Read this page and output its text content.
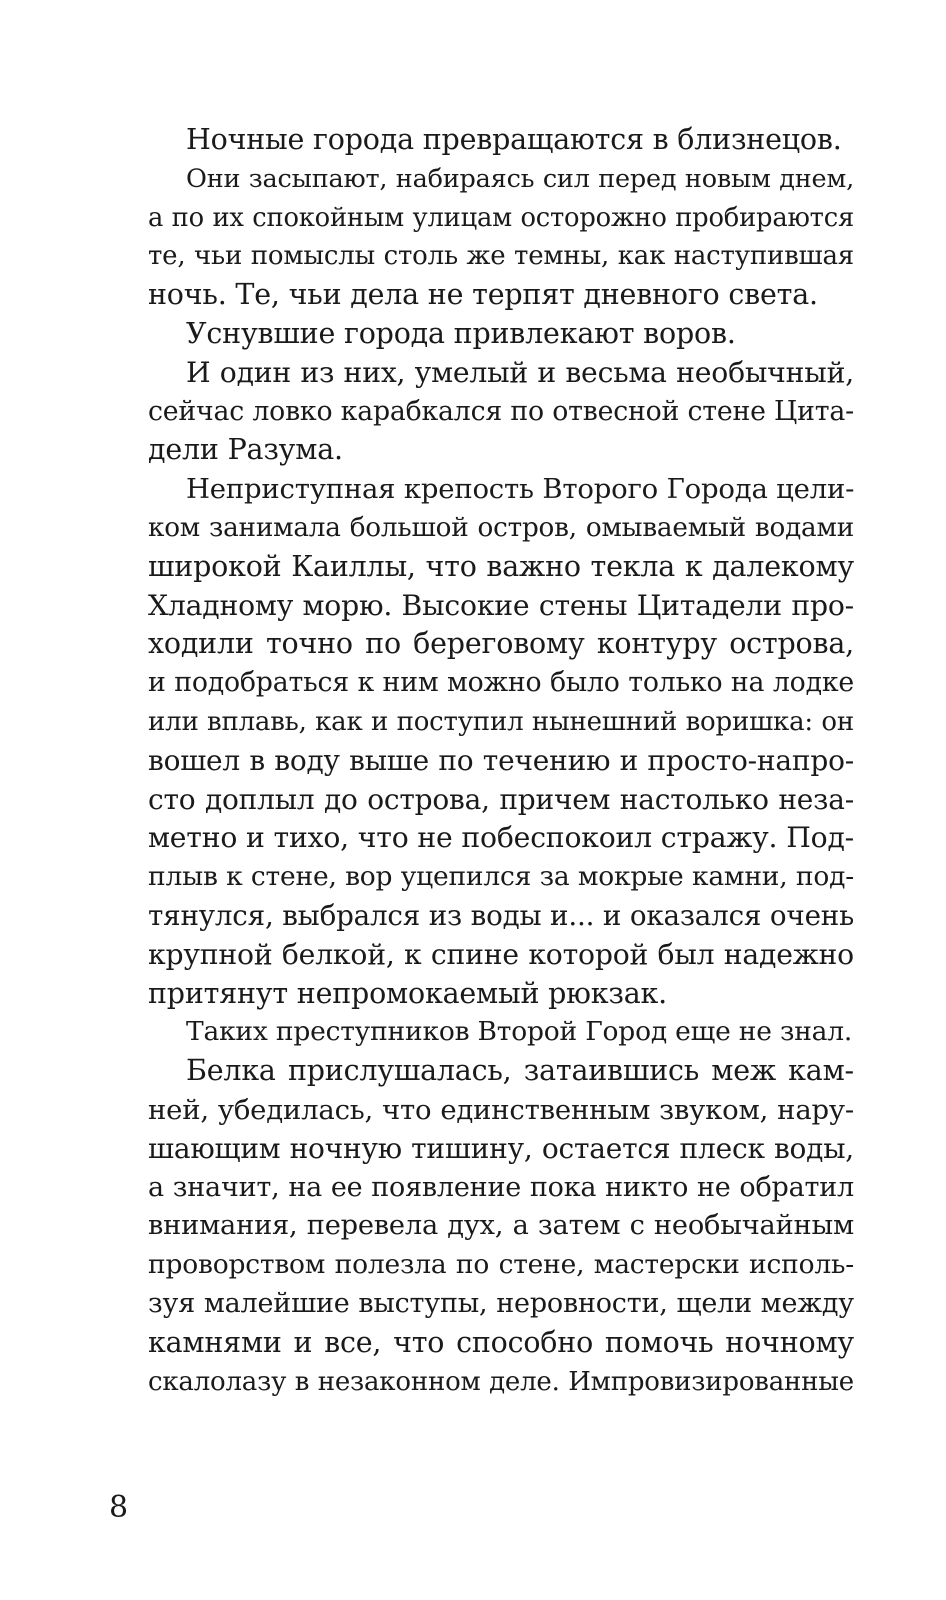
Ночные города превращаются в близнецов.

Они засыпают, набираясь сил перед новым днем,
а по их спокойным улицам осторожно пробираются
те, чьи помыслы столь же темны, как наступившая
ночь. Те, чьи дела не терпят дневного света.

Уснувшие города привлекают воров.

И один из них, умелый и весьма необычный,
сейчас ловко карабкался по отвесной стене Цита-
дели Разума.

Неприступная крепость Второго Города цели-
ком занимала большой остров, омываемый водами
широкой Каиллы, что важно текла к далекому
Хладному морю. Высокие стены Цитадели про-
ходили точно по береговому контуру острова,
и подобраться к ним можно было только на лодке
или вплавь, как и поступил нынешний воришка: он
вошел в воду выше по течению и просто-напро-
сто доплыл до острова, причем настолько неза-
метно и тихо, что не побеспокоил стражу. Под-
плыв к стене, вор уцепился за мокрые камни, под-
тянулся, выбрался из воды и... и оказался очень
крупной белкой, к спине которой был надежно
притянут непромокаемый рюкзак.

Таких преступников Второй Город еще не знал.

Белка прислушалась, затаившись меж кам-
ней, убедилась, что единственным звуком, нару-
шающим ночную тишину, остается плеск воды,
а значит, на ее появление пока никто не обратил
внимания, перевела дух, а затем с необычайным
проворством полезла по стене, мастерски исполь-
зуя малейшие выступы, неровности, щели между
камнями и все, что способно помочь ночному
скалолазу в незаконном деле. Импровизированные

8
